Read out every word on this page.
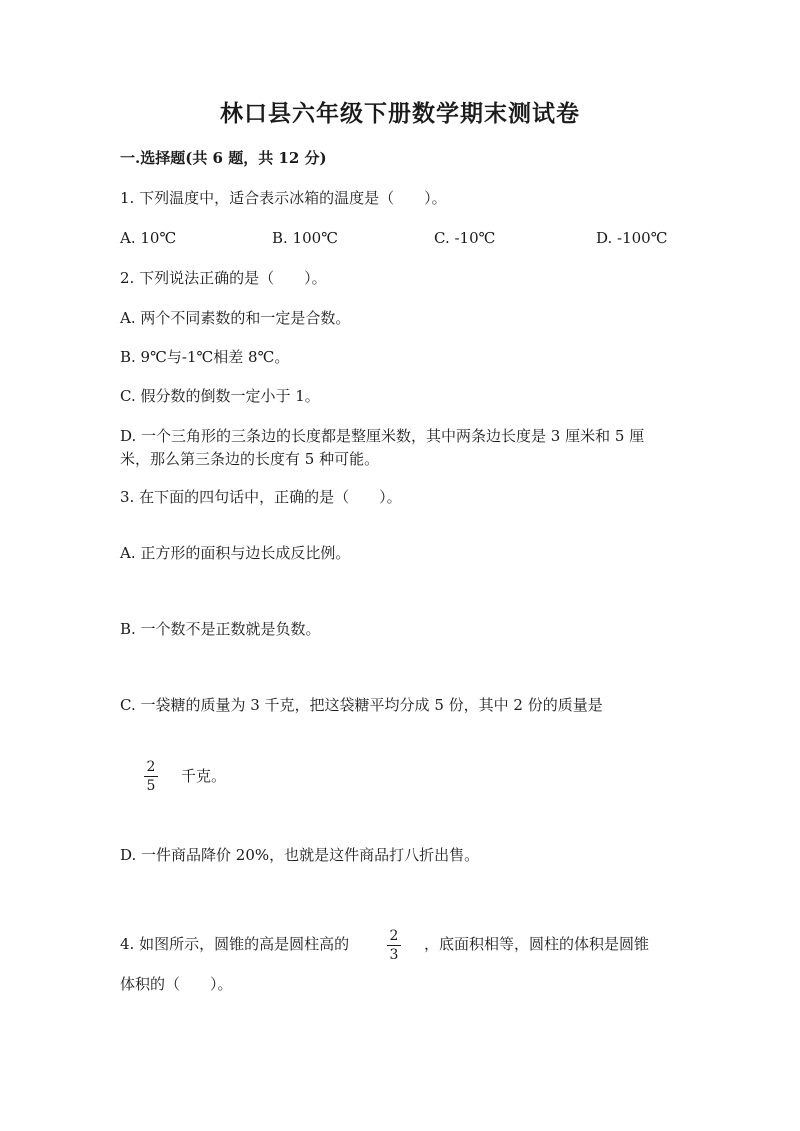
林口县六年级下册数学期末测试卷
一.选择题(共 6 题，共 12 分)
1. 下列温度中，适合表示冰箱的温度是（　　）。
A. 10℃	B. 100℃	C. -10℃	D. -100℃
2. 下列说法正确的是（　　）。
A. 两个不同素数的和一定是合数。
B. 9℃与-1℃相差 8℃。
C. 假分数的倒数一定小于 1。
D. 一个三角形的三条边的长度都是整厘米数，其中两条边长度是 3 厘米和 5 厘
米，那么第三条边的长度有 5 种可能。
3. 在下面的四句话中，正确的是（　　）。
A. 正方形的面积与边长成反比例。
B. 一个数不是正数就是负数。
C. 一袋糖的质量为 3 千克，把这袋糖平均分成 5 份，其中 2 份的质量是
2
5
千克。
D. 一件商品降价 20%，也就是这件商品打八折出售。
4. 如图所示，圆锥的高是圆柱高的	2
3
，底面积相等，圆柱的体积是圆锥
体积的（　　）。
